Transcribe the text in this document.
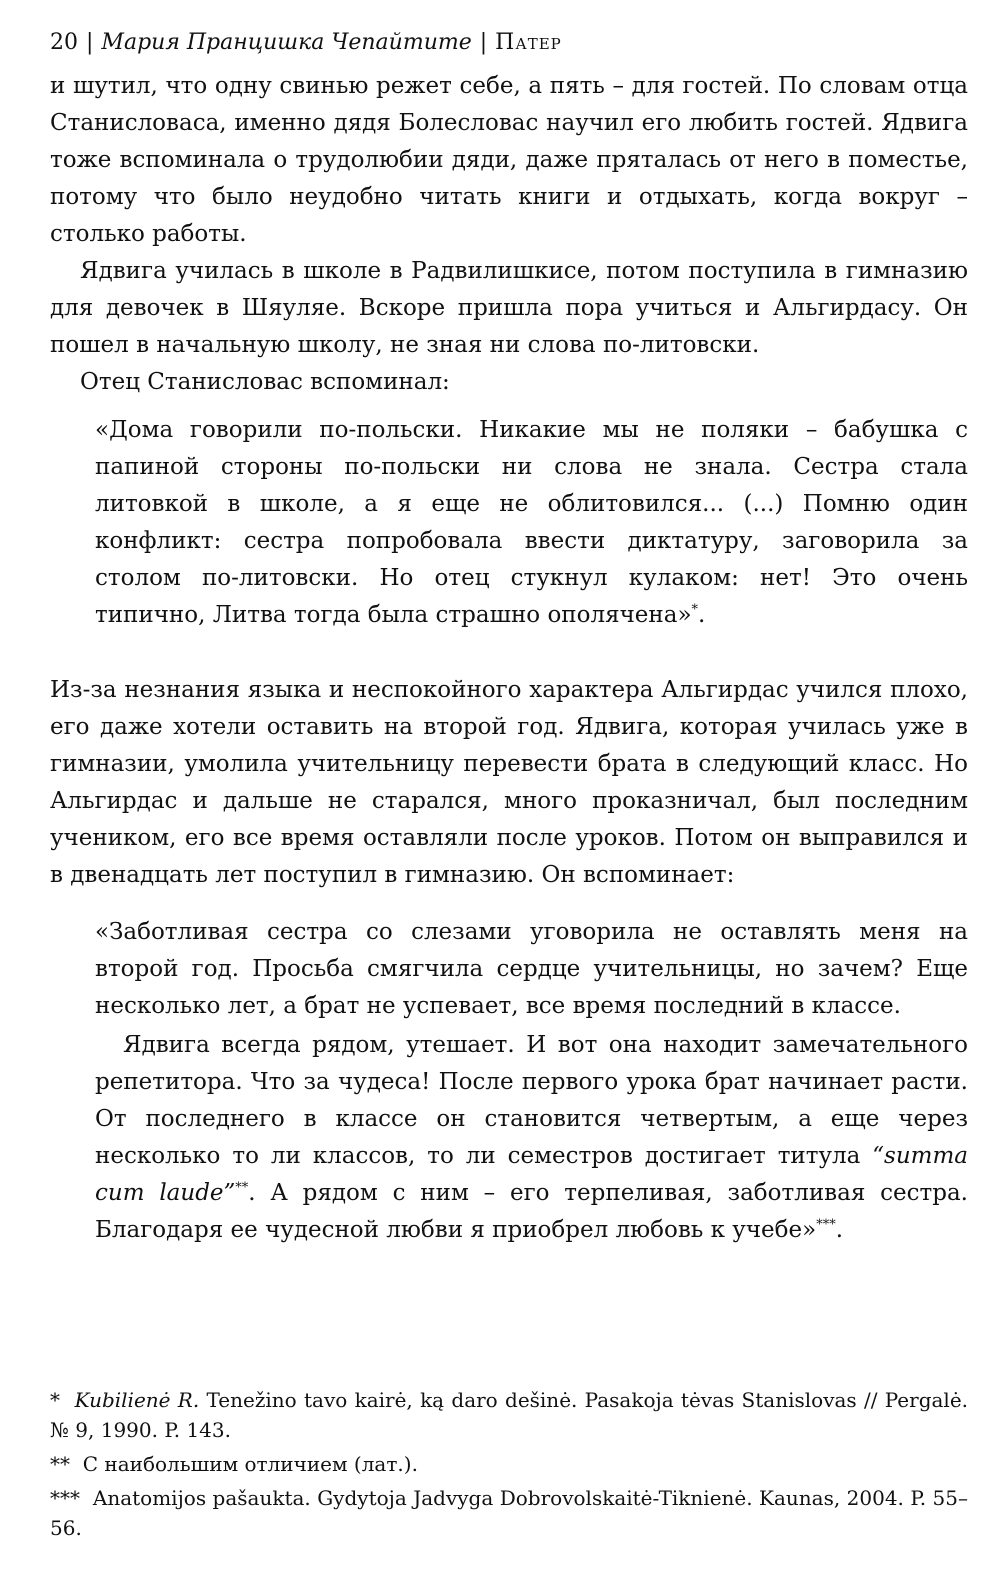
20 | Мария Пранцишка Чепайтите | Патер

и шутил, что одну свинью режет себе, а пять – для гостей. По словам отца Станисловаса, именно дядя Болесловас научил его любить гостей. Ядвига тоже вспоминала о трудолюбии дяди, даже пряталась от него в поместье, потому что было неудобно читать книги и отдыхать, когда вокруг – столько работы.

Ядвига училась в школе в Радвилишкисе, потом поступила в гимназию для девочек в Шяуляе. Вскоре пришла пора учиться и Альгирдасу. Он пошел в начальную школу, не зная ни слова по-литовски.

Отец Станисловас вспоминал:

«Дома говорили по-польски. Никакие мы не поляки – бабушка с папиной стороны по-польски ни слова не знала. Сестра стала литовкой в школе, а я еще не облитовился... (...) Помню один конфликт: сестра попробовала ввести диктатуру, заговорила за столом по-литовски. Но отец стукнул кулаком: нет! Это очень типично, Литва тогда была страшно ополячена»*.

Из-за незнания языка и неспокойного характера Альгирдас учился плохо, его даже хотели оставить на второй год. Ядвига, которая училась уже в гимназии, умолила учительницу перевести брата в следующий класс. Но Альгирдас и дальше не старался, много проказничал, был последним учеником, его все время оставляли после уроков. Потом он выправился и в двенадцать лет поступил в гимназию. Он вспоминает:

«Заботливая сестра со слезами уговорила не оставлять меня на второй год. Просьба смягчила сердце учительницы, но зачем? Еще несколько лет, а брат не успевает, все время последний в классе.

Ядвига всегда рядом, утешает. И вот она находит замечательного репетитора. Что за чудеса! После первого урока брат начинает расти. От последнего в классе он становится четвертым, а еще через несколько то ли классов, то ли семестров достигает титула “summa cum laude”**. А рядом с ним – его терпеливая, заботливая сестра. Благодаря ее чудесной любви я приобрел любовь к учебе»***.

* Kubilienė R. Tenežino tavo kairė, ką daro dešinė. Pasakoja tėvas Stanislovas // Pergalė. № 9, 1990. P. 143.

** С наибольшим отличием (лат.).

*** Anatomijos pašaukta. Gydytoja Jadvyga Dobrovolskaitė-Tiknienė. Kaunas, 2004. P. 55–56.
